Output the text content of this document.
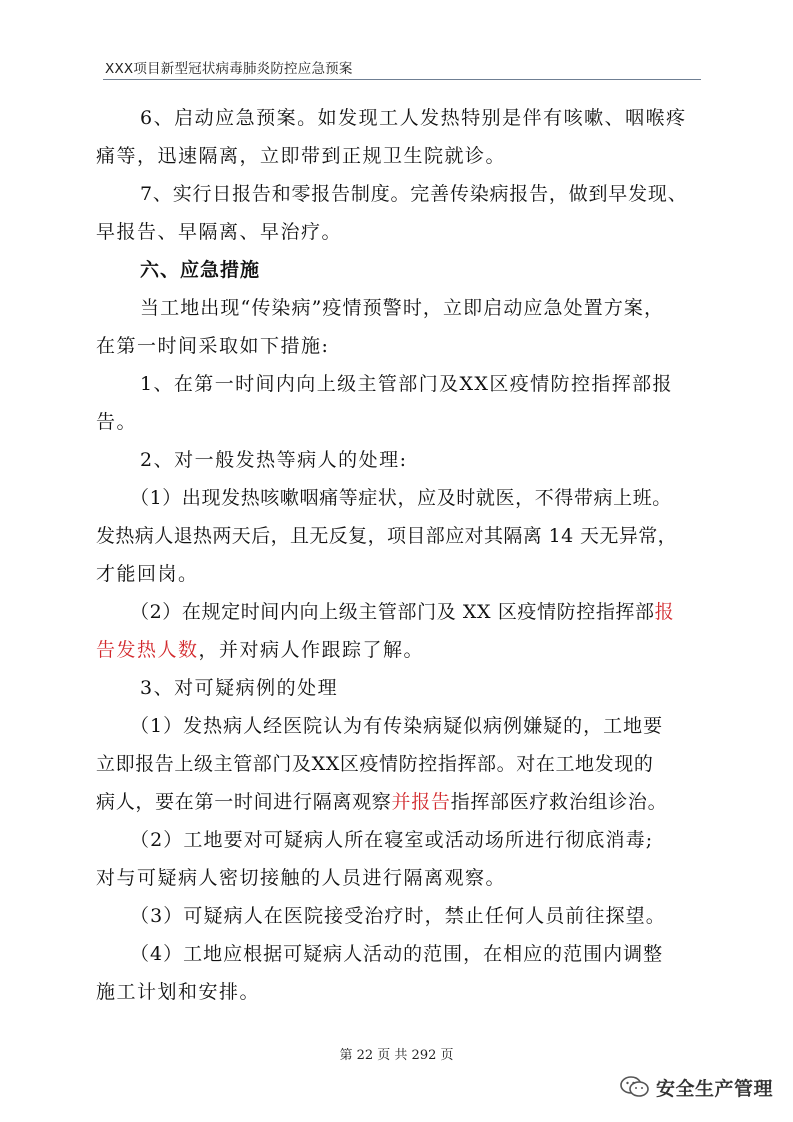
XXX项目新型冠状病毒肺炎防控应急预案
6、启动应急预案。如发现工人发热特别是伴有咳嗽、咽喉疼
痛等，迅速隔离，立即带到正规卫生院就诊。
7、实行日报告和零报告制度。完善传染病报告，做到早发现、
早报告、早隔离、早治疗。
六、应急措施
当工地出现“传染病”疫情预警时，立即启动应急处置方案，
在第一时间采取如下措施:
1、在第一时间内向上级主管部门及XX区疫情防控指挥部报
告。
2、对一般发热等病人的处理:
（1）出现发热咳嗽咽痛等症状，应及时就医，不得带病上班。
发热病人退热两天后，且无反复，项目部应对其隔离 14 天无异常，
才能回岗。
（2）在规定时间内向上级主管部门及 XX 区疫情防控指挥部报
告发热人数，并对病人作跟踪了解。
3、对可疑病例的处理
（1）发热病人经医院认为有传染病疑似病例嫌疑的，工地要
立即报告上级主管部门及XX区疫情防控指挥部。对在工地发现的
病人，要在第一时间进行隔离观察并报告指挥部医疗救治组诊治。
（2）工地要对可疑病人所在寝室或活动场所进行彻底消毒;
对与可疑病人密切接触的人员进行隔离观察。
（3）可疑病人在医院接受治疗时，禁止任何人员前往探望。
（4）工地应根据可疑病人活动的范围，在相应的范围内调整
施工计划和安排。
第 22 页 共 292 页
安全生产管理
